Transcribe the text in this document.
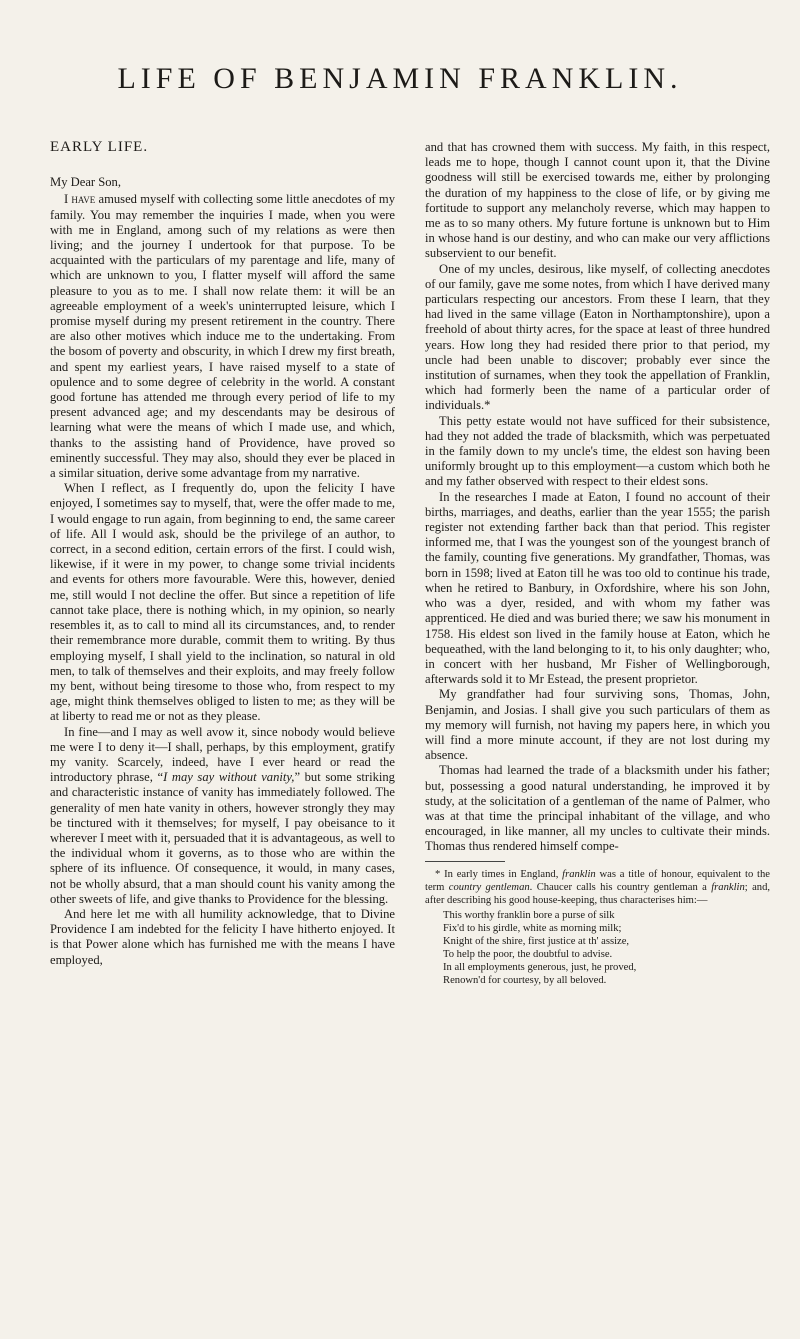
LIFE OF BENJAMIN FRANKLIN.
EARLY LIFE.

My Dear Son,

I have amused myself with collecting some little anecdotes of my family. You may remember the inquiries I made, when you were with me in England, among such of my relations as were then living; and the journey I undertook for that purpose. To be acquainted with the particulars of my parentage and life, many of which are unknown to you, I flatter myself will afford the same pleasure to you as to me. I shall now relate them: it will be an agreeable employment of a week's uninterrupted leisure, which I promise myself during my present retirement in the country. There are also other motives which induce me to the undertaking. From the bosom of poverty and obscurity, in which I drew my first breath, and spent my earliest years, I have raised myself to a state of opulence and to some degree of celebrity in the world. A constant good fortune has attended me through every period of life to my present advanced age; and my descendants may be desirous of learning what were the means of which I made use, and which, thanks to the assisting hand of Providence, have proved so eminently successful. They may also, should they ever be placed in a similar situation, derive some advantage from my narrative.

When I reflect, as I frequently do, upon the felicity I have enjoyed, I sometimes say to myself, that, were the offer made to me, I would engage to run again, from beginning to end, the same career of life. All I would ask, should be the privilege of an author, to correct, in a second edition, certain errors of the first. I could wish, likewise, if it were in my power, to change some trivial incidents and events for others more favourable. Were this, however, denied me, still would I not decline the offer. But since a repetition of life cannot take place, there is nothing which, in my opinion, so nearly resembles it, as to call to mind all its circumstances, and, to render their remembrance more durable, commit them to writing. By thus employing myself, I shall yield to the inclination, so natural in old men, to talk of themselves and their exploits, and may freely follow my bent, without being tiresome to those who, from respect to my age, might think themselves obliged to listen to me; as they will be at liberty to read me or not as they please.

In fine—and I may as well avow it, since nobody would believe me were I to deny it—I shall, perhaps, by this employment, gratify my vanity. Scarcely, indeed, have I ever heard or read the introductory phrase, “I may say without vanity,” but some striking and characteristic instance of vanity has immediately followed. The generality of men hate vanity in others, however strongly they may be tinctured with it themselves; for myself, I pay obeisance to it wherever I meet with it, persuaded that it is advantageous, as well to the individual whom it governs, as to those who are within the sphere of its influence. Of consequence, it would, in many cases, not be wholly absurd, that a man should count his vanity among the other sweets of life, and give thanks to Providence for the blessing.

And here let me with all humility acknowledge, that to Divine Providence I am indebted for the felicity I have hitherto enjoyed. It is that Power alone which has furnished me with the means I have employed,

and that has crowned them with success. My faith, in this respect, leads me to hope, though I cannot count upon it, that the Divine goodness will still be exercised towards me, either by prolonging the duration of my happiness to the close of life, or by giving me fortitude to support any melancholy reverse, which may happen to me as to so many others. My future fortune is unknown but to Him in whose hand is our destiny, and who can make our very afflictions subservient to our benefit.

One of my uncles, desirous, like myself, of collecting anecdotes of our family, gave me some notes, from which I have derived many particulars respecting our ancestors. From these I learn, that they had lived in the same village (Eaton in Northamptonshire), upon a freehold of about thirty acres, for the space at least of three hundred years. How long they had resided there prior to that period, my uncle had been unable to discover; probably ever since the institution of surnames, when they took the appellation of Franklin, which had formerly been the name of a particular order of individuals.*

This petty estate would not have sufficed for their subsistence, had they not added the trade of blacksmith, which was perpetuated in the family down to my uncle's time, the eldest son having been uniformly brought up to this employment—a custom which both he and my father observed with respect to their eldest sons.

In the researches I made at Eaton, I found no account of their births, marriages, and deaths, earlier than the year 1555; the parish register not extending farther back than that period. This register informed me, that I was the youngest son of the youngest branch of the family, counting five generations. My grandfather, Thomas, was born in 1598; lived at Eaton till he was too old to continue his trade, when he retired to Banbury, in Oxfordshire, where his son John, who was a dyer, resided, and with whom my father was apprenticed. He died and was buried there; we saw his monument in 1758. His eldest son lived in the family house at Eaton, which he bequeathed, with the land belonging to it, to his only daughter; who, in concert with her husband, Mr Fisher of Wellingborough, afterwards sold it to Mr Estead, the present proprietor.

My grandfather had four surviving sons, Thomas, John, Benjamin, and Josias. I shall give you such particulars of them as my memory will furnish, not having my papers here, in which you will find a more minute account, if they are not lost during my absence.

Thomas had learned the trade of a blacksmith under his father; but, possessing a good natural understanding, he improved it by study, at the solicitation of a gentleman of the name of Palmer, who was at that time the principal inhabitant of the village, and who encouraged, in like manner, all my uncles to cultivate their minds. Thomas thus rendered himself compe-

* In early times in England, franklin was a title of honour, equivalent to the term country gentleman. Chaucer calls his country gentleman a franklin; and, after describing his good house-keeping, thus characterises him:—

This worthy franklin bore a purse of silk
Fix'd to his girdle, white as morning milk;
Knight of the shire, first justice at th' assize,
To help the poor, the doubtful to advise.
In all employments generous, just, he proved,
Renown'd for courtesy, by all beloved.
